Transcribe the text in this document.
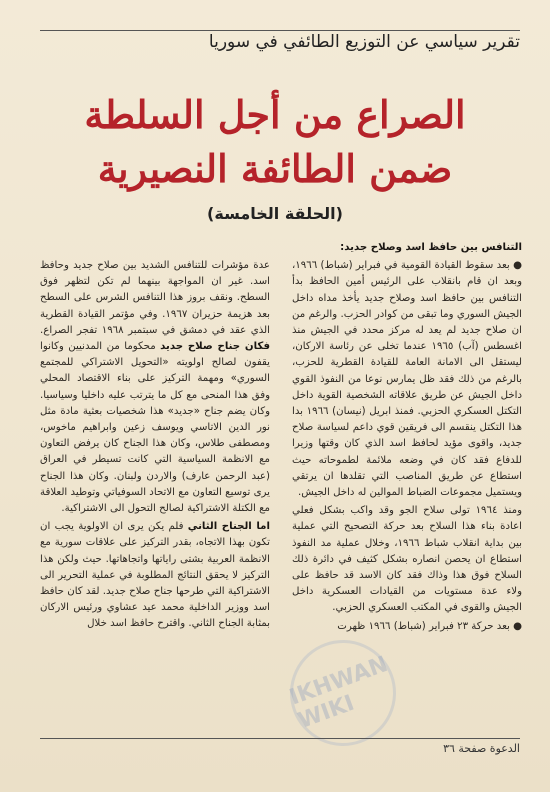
تقرير سياسي عن التوزيع الطائفي في سوريا
الصراع من أجل السلطة
ضمن الطائفة النصيرية
(الحلقة الخامسة)

التنافس بين حافظ اسد وصلاح جديد:

● بعد سقوط القيادة القومية في فبراير (شباط) ١٩٦٦، وبعد ان قام بانقلاب على الرئيس أمين الحافظ بدأ التنافس بين حافظ اسد وصلاح جديد يأخذ مداه داخل الجيش السوري وما تبقى من كوادر الحزب. والرغم من ان صلاح جديد لم يعد له مركز محدد في الجيش منذ اغسطس (آب) ١٩٦٥ عندما تخلى عن رئاسة الاركان، ليستقل الى الامانة العامة للقيادة القطرية للحزب، بالرغم من ذلك فقد ظل يمارس نوعا من النفوذ القوي داخل الجيش عن طريق علاقاته الشخصية القوية داخل التكتل العسكري الحزبي. فمنذ ابريل (نيسان) ١٩٦٦ بدا هذا التكتل ينقسم الى فريقين قوي داعم لسياسة صلاح جديد، واقوى مؤيد لحافظ اسد الذي كان وقتها وزيرا للدفاع فقد كان في وضعه ملائمة لطموحاته حيث استطاع عن طريق المناصب التي تقلدها ان يرتقي ويستميل مجموعات الضباط الموالين له داخل الجيش.

ومنذ ١٩٦٤ تولى سلاح الجو وقد واكب بشكل فعلي اعادة بناء هذا السلاح بعد حركة التصحيح التي عملية بين بداية انقلاب شباط ١٩٦٦، وخلال عملية مد النفوذ استطاع ان يحصن انصاره بشكل كثيف في دائرة ذلك السلاح فوق هذا وذاك فقد كان الاسد قد حافظ على ولاء عدة مستويات من القيادات العسكرية داخل الجيش والقوى في المكتب العسكري الحزبي.

● بعد حركة ٢٣ فبراير (شباط) ١٩٦٦ ظهرت

عدة مؤشرات للتنافس الشديد بين صلاح جديد وحافظ اسد. غير ان المواجهة بينهما لم تكن لتظهر فوق السطح. ونقف بروز هذا التنافس الشرس على السطح بعد هزيمة حزيران ١٩٦٧. وفي مؤتمر القيادة القطرية الذي عقد في دمشق في سبتمبر ١٩٦٨ تفجر الصراع. فكان جناح صلاح جديد محكوما من المدنيين وكانوا يقفون لصالح اولويته «التحويل الاشتراكي للمجتمع السوري» ومهمة التركيز على بناء الاقتصاد المحلي وفق هذا المنحى مع كل ما يترتب عليه داخليا وسياسيا. وكان يضم جناح «جديد» هذا شخصيات بعثية مادة مثل نور الدين الاتاسي ويوسف زعين وابراهيم ماخوس، ومصطفى طلاس، وكان هذا الجناح كان يرفض التعاون مع الانظمة السياسية التي كانت تسيطر في العراق (عبد الرحمن عارف) والاردن ولبنان. وكان هذا الجناح يرى توسيع التعاون مع الاتحاد السوفياتي وتوطيد العلاقة مع الكتلة الاشتراكية لصالح التحول الى الاشتراكية.

اما الجناح الثاني فلم يكن يرى ان الاولوية يجب ان تكون بهذا الاتجاه، بقدر التركيز على علاقات سورية مع الانظمة العربية بشتى راياتها واتجاهاتها. حيث ولكن هذا التركيز لا يحقق النتائج المطلوبة في عملية التحرير الى الاشتراكية التي طرحها جناح صلاح جديد. لقد كان حافظ اسد ووزير الداخلية محمد عيد عشاوي ورئيس الاركان بمثابة الجناح الثاني. واقترح حافظ اسد خلال

IKHWAN WIKI
الدعوة صفحة ٣٦
